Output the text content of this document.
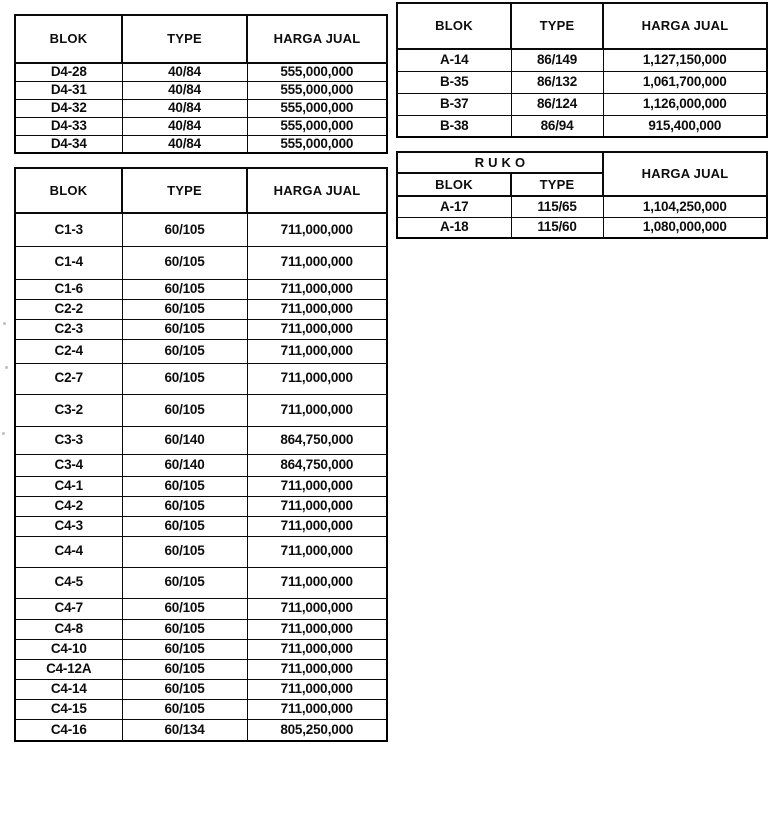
BLOK	TYPE	HARGA JUAL
D4-28	40/84	555,000,000
D4-31	40/84	555,000,000
D4-32	40/84	555,000,000
D4-33	40/84	555,000,000
D4-34	40/84	555,000,000
BLOK	TYPE	HARGA JUAL
C1-3	60/105	711,000,000
C1-4	60/105	711,000,000
C1-6	60/105	711,000,000
C2-2	60/105	711,000,000
C2-3	60/105	711,000,000
C2-4	60/105	711,000,000
C2-7	60/105	711,000,000
C3-2	60/105	711,000,000
C3-3	60/140	864,750,000
C3-4	60/140	864,750,000
C4-1	60/105	711,000,000
C4-2	60/105	711,000,000
C4-3	60/105	711,000,000
C4-4	60/105	711,000,000
C4-5	60/105	711,000,000
C4-7	60/105	711,000,000
C4-8	60/105	711,000,000
C4-10	60/105	711,000,000
C4-12A	60/105	711,000,000
C4-14	60/105	711,000,000
C4-15	60/105	711,000,000
C4-16	60/134	805,250,000
BLOK	TYPE	HARGA JUAL
A-14	86/149	1,127,150,000
B-35	86/132	1,061,700,000
B-37	86/124	1,126,000,000
B-38	86/94	915,400,000
R U K O		HARGA JUAL
BLOK	TYPE	
A-17	115/65	1,104,250,000
A-18	115/60	1,080,000,000
